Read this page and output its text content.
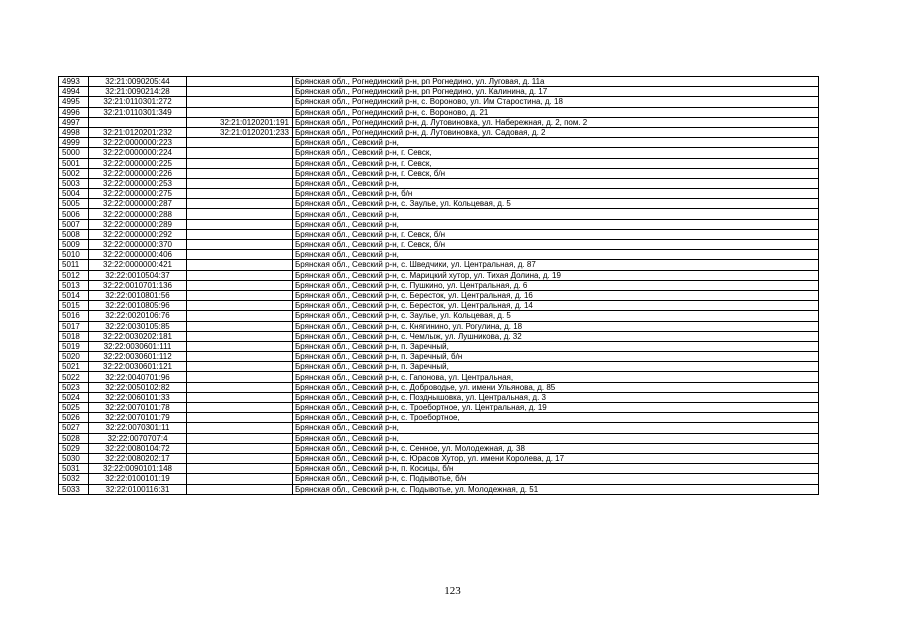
4993	32:21:0090205:44		Брянская обл., Рогнединский р-н, рп Рогнедино, ул. Луговая, д. 11а
4994	32:21:0090214:28		Брянская обл., Рогнединский р-н, рп Рогнедино, ул. Калинина, д. 17
4995	32:21:0110301:272		Брянская обл., Рогнединский р-н, с. Вороново, ул. Им Старостина, д. 18
4996	32:21:0110301:349		Брянская обл., Рогнединский р-н, с. Вороново, д. 21
4997		32:21:0120201:191	Брянская обл., Рогнединский р-н, д. Лутовиновка, ул. Набережная, д. 2, пом. 2
4998	32:21:0120201:232	32:21:0120201:233	Брянская обл., Рогнединский р-н, д. Лутовиновка, ул. Садовая, д. 2
4999	32:22:0000000:223		Брянская обл., Севский р-н,
5000	32:22:0000000:224		Брянская обл., Севский р-н, г. Севск,
5001	32:22:0000000:225		Брянская обл., Севский р-н, г. Севск,
5002	32:22:0000000:226		Брянская обл., Севский р-н, г. Севск, б/н
5003	32:22:0000000:253		Брянская обл., Севский р-н,
5004	32:22:0000000:275		Брянская обл., Севский р-н, б/н
5005	32:22:0000000:287		Брянская обл., Севский р-н, с. Заулье, ул. Кольцевая, д. 5
5006	32:22:0000000:288		Брянская обл., Севский р-н,
5007	32:22:0000000:289		Брянская обл., Севский р-н,
5008	32:22:0000000:292		Брянская обл., Севский р-н, г. Севск, б/н
5009	32:22:0000000:370		Брянская обл., Севский р-н, г. Севск, б/н
5010	32:22:0000000:406		Брянская обл., Севский р-н,
5011	32:22:0000000:421		Брянская обл., Севский р-н, с. Шведчики, ул. Центральная, д. 87
5012	32:22:0010504:37		Брянская обл., Севский р-н, с. Марицкий хутор, ул. Тихая Долина, д. 19
5013	32:22:0010701:136		Брянская обл., Севский р-н, с. Пушкино, ул. Центральная, д. 6
5014	32:22:0010801:56		Брянская обл., Севский р-н, с. Бересток, ул. Центральная, д. 16
5015	32:22:0010805:96		Брянская обл., Севский р-н, с. Бересток, ул. Центральная, д. 14
5016	32:22:0020106:76		Брянская обл., Севский р-н, с. Заулье, ул. Кольцевая, д. 5
5017	32:22:0030105:85		Брянская обл., Севский р-н, с. Княгинино, ул. Рогулина, д. 18
5018	32:22:0030202:181		Брянская обл., Севский р-н, с. Чемлыж, ул. Лушникова, д. 32
5019	32:22:0030601:111		Брянская обл., Севский р-н, п. Заречный,
5020	32:22:0030601:112		Брянская обл., Севский р-н, п. Заречный, б/н
5021	32:22:0030601:121		Брянская обл., Севский р-н, п. Заречный,
5022	32:22:0040701:96		Брянская обл., Севский р-н, с. Гапонова, ул. Центральная,
5023	32:22:0050102:82		Брянская обл., Севский р-н, с. Доброводье, ул. имени Ульянова, д. 85
5024	32:22:0060101:33		Брянская обл., Севский р-н, с. Позднышовка, ул. Центральная, д. 3
5025	32:22:0070101:78		Брянская обл., Севский р-н, с. Троебортное, ул. Центральная, д. 19
5026	32:22:0070101:79		Брянская обл., Севский р-н, с. Троебортное,
5027	32:22:0070301:11		Брянская обл., Севский р-н,
5028	32:22:0070707:4		Брянская обл., Севский р-н,
5029	32:22:0080104:72		Брянская обл., Севский р-н, с. Сенное, ул. Молодежная, д. 38
5030	32:22:0080202:17		Брянская обл., Севский р-н, с. Юрасов Хутор, ул. имени Королева, д. 17
5031	32:22:0090101:148		Брянская обл., Севский р-н, п. Косицы, б/н
5032	32:22:0100101:19		Брянская обл., Севский р-н, с. Подывотье, б/н
5033	32:22:0100116:31		Брянская обл., Севский р-н, с. Подывотье, ул. Молодежная, д. 51
123
